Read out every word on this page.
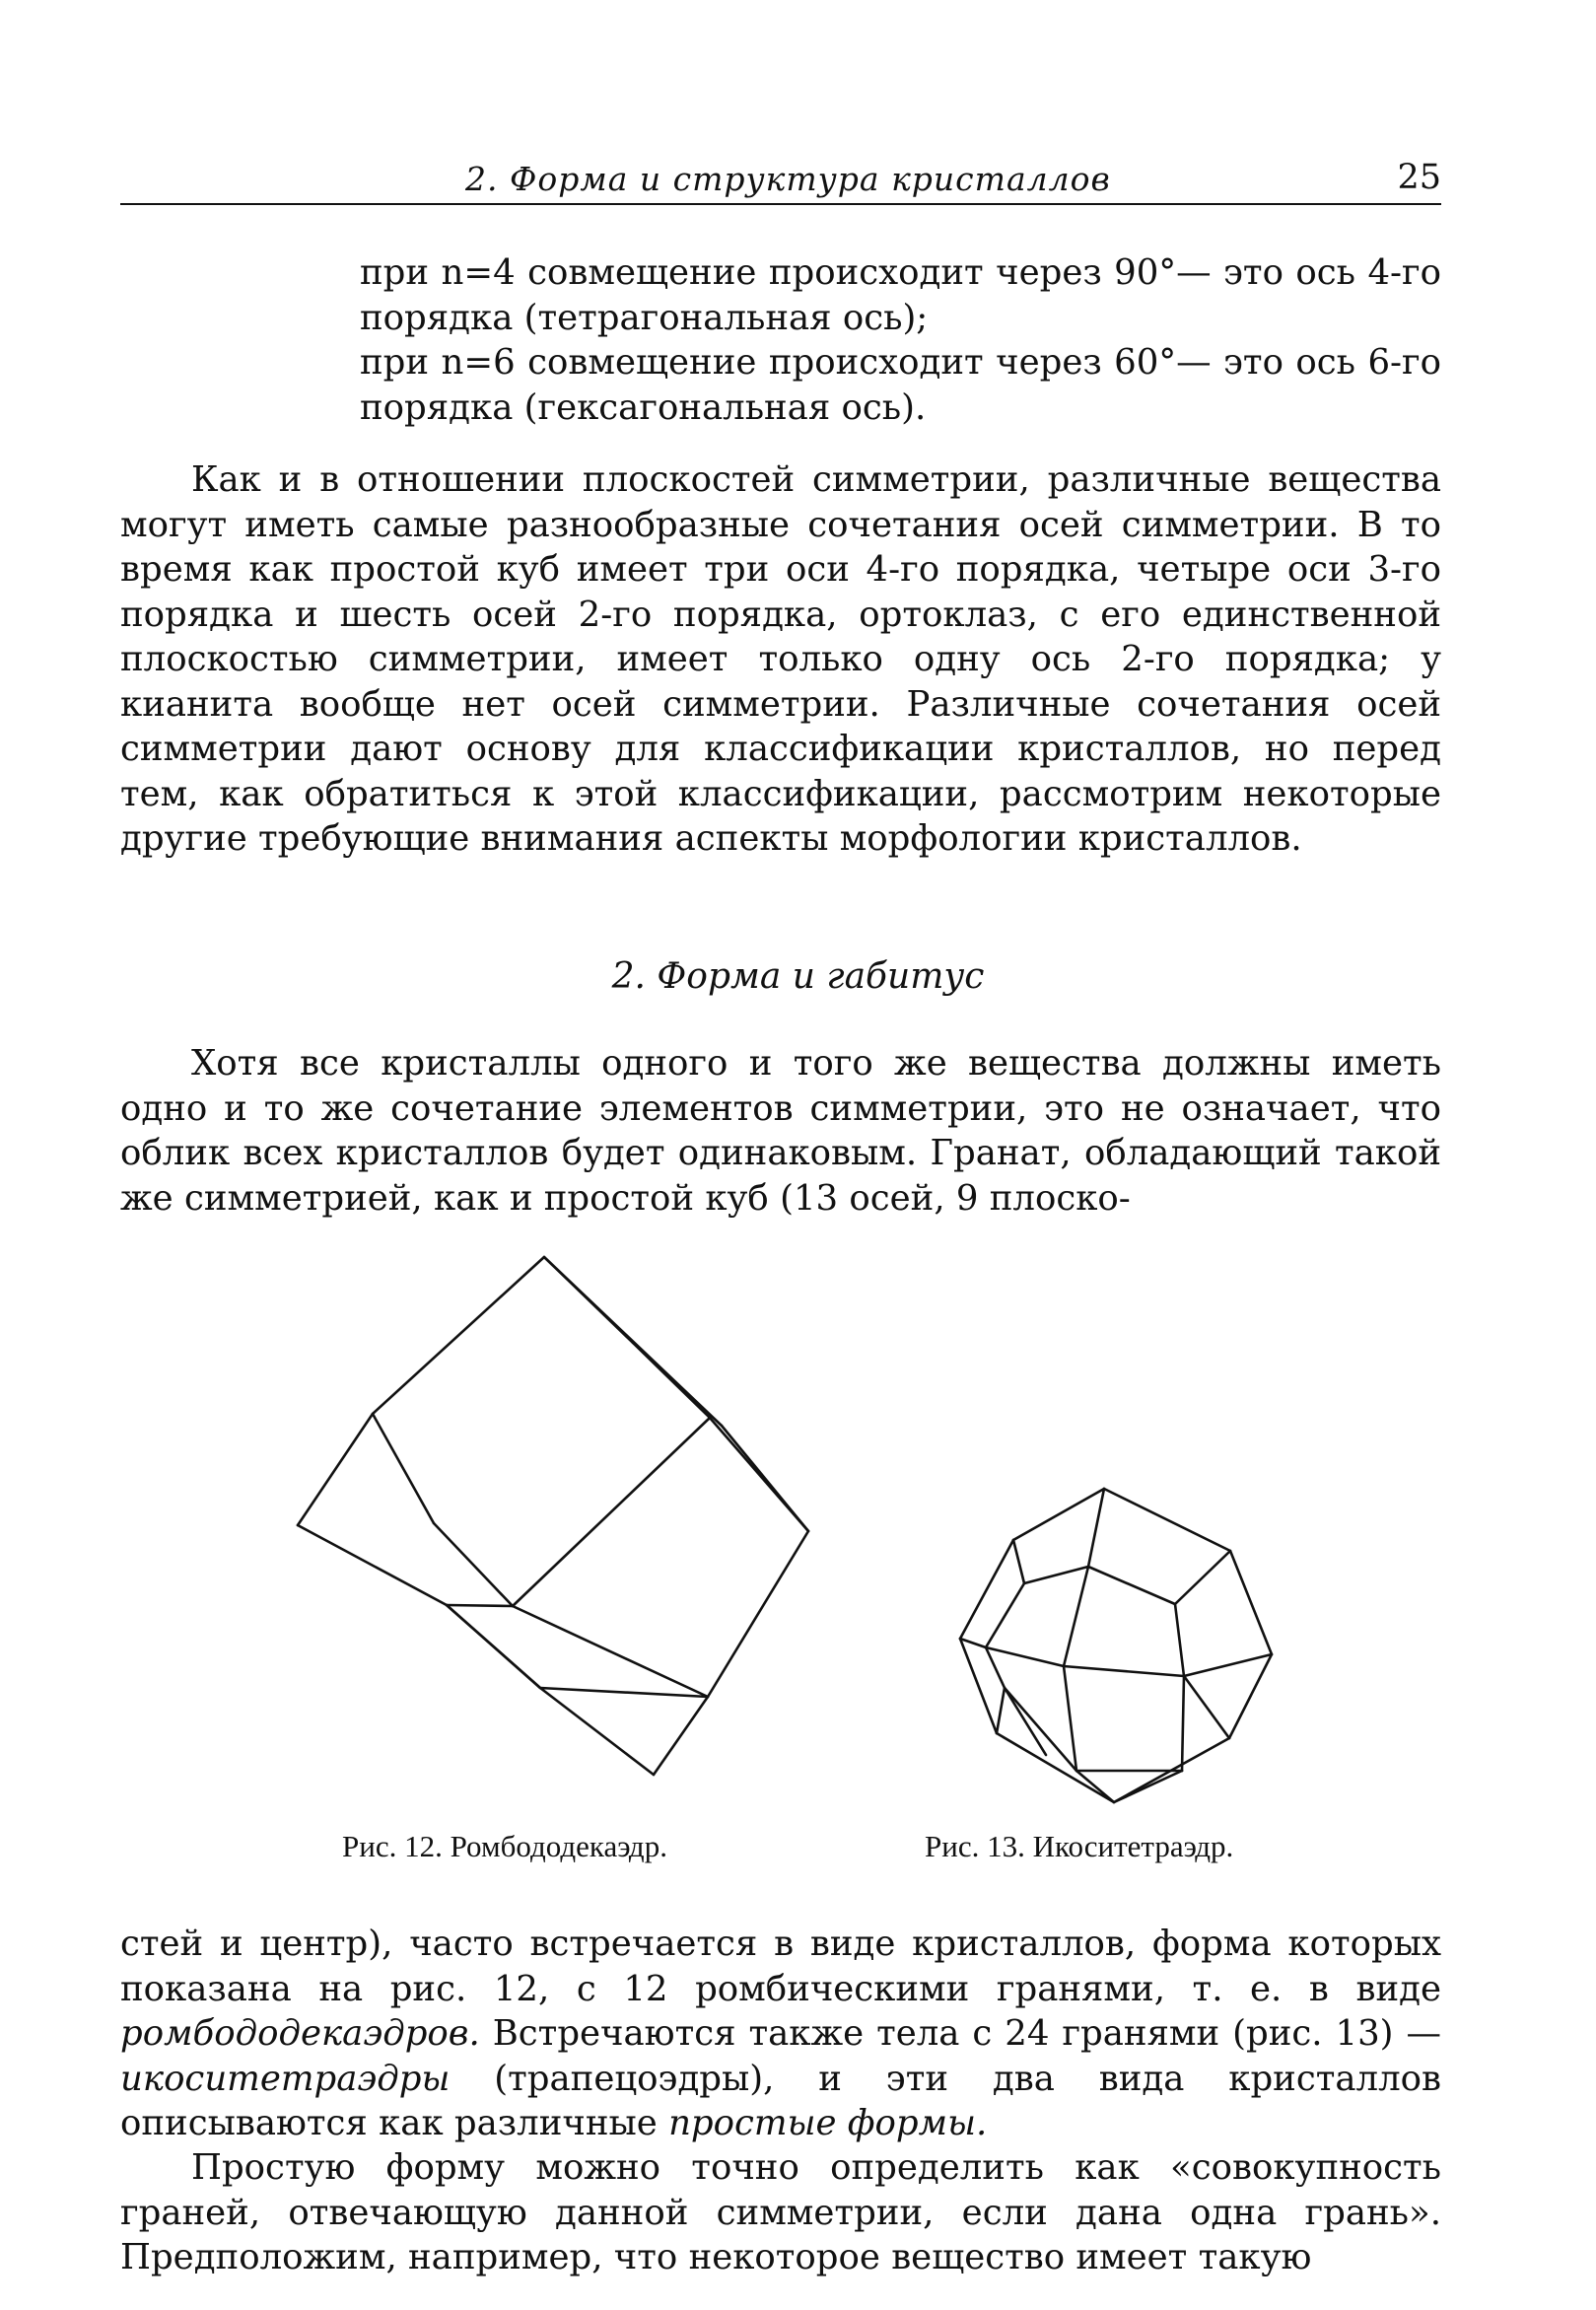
2. Форма и структура кристаллов	25
при n=4 совмещение происходит через 90°— это ось 4-го порядка (тетрагональная ось);
при n=6 совмещение происходит через 60°— это ось 6-го порядка (гексагональная ось).
Как и в отношении плоскостей симметрии, различные вещества могут иметь самые разнообразные сочетания осей симметрии. В то время как простой куб имеет три оси 4-го порядка, четыре оси 3-го порядка и шесть осей 2-го порядка, ортоклаз, с его единственной плоскостью симметрии, имеет только одну ось 2-го порядка; у кианита вообще нет осей симметрии. Различные сочетания осей симметрии дают основу для классификации кристаллов, но перед тем, как обратиться к этой классификации, рассмотрим некоторые другие требующие внимания аспекты морфологии кристаллов.
2. Форма и габитус
Хотя все кристаллы одного и того же вещества должны иметь одно и то же сочетание элементов симметрии, это не означает, что облик всех кристаллов будет одинаковым. Гранат, обладающий такой же симметрией, как и простой куб (13 осей, 9 плоско-
Рис. 12. Ромбододекаэдр.	Рис. 13. Икоситетраэдр.
стей и центр), часто встречается в виде кристаллов, форма которых показана на рис. 12, с 12 ромбическими гранями, т. е. в виде ромбододекаэдров. Встречаются также тела с 24 гранями (рис. 13) — икоситетраэдры (трапецоэдры), и эти два вида кристаллов описываются как различные простые формы.
Простую форму можно точно определить как «совокупность граней, отвечающую данной симметрии, если дана одна грань». Предположим, например, что некоторое вещество имеет такую
